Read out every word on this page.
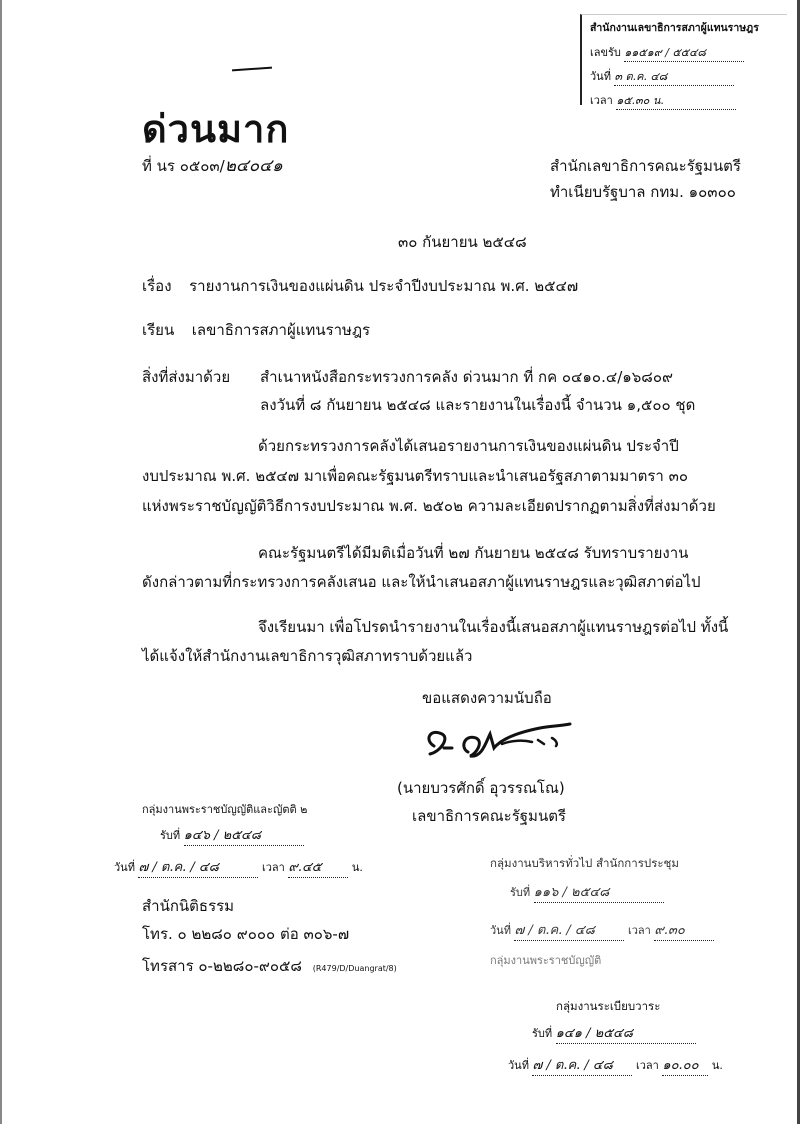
สำนักงานเลขาธิการสภาผู้แทนราษฎร
เลขรับ ๑๑๕๑๙ / ๕๕๔๘
วันที่ ๓ ต.ค. ๔๘
เวลา ๑๕.๓๐ น.
ด่วนมาก
ที่ นร ๐๕๐๓/๒๔๐๔๑	สำนักเลขาธิการคณะรัฐมนตรี
ทำเนียบรัฐบาล กทม. ๑๐๓๐๐
๓๐ กันยายน ๒๕๔๘
เรื่อง รายงานการเงินของแผ่นดิน ประจำปีงบประมาณ พ.ศ. ๒๕๔๗
เรียน เลขาธิการสภาผู้แทนราษฎร
สิ่งที่ส่งมาด้วย สำเนาหนังสือกระทรวงการคลัง ด่วนมาก ที่ กค ๐๔๑๐.๔/๑๖๘๐๙
ลงวันที่ ๘ กันยายน ๒๕๔๘ และรายงานในเรื่องนี้ จำนวน ๑,๕๐๐ ชุด
ด้วยกระทรวงการคลังได้เสนอรายงานการเงินของแผ่นดิน ประจำปี
งบประมาณ พ.ศ. ๒๕๔๗ มาเพื่อคณะรัฐมนตรีทราบและนำเสนอรัฐสภาตามมาตรา ๓๐
แห่งพระราชบัญญัติวิธีการงบประมาณ พ.ศ. ๒๕๐๒ ความละเอียดปรากฏตามสิ่งที่ส่งมาด้วย
คณะรัฐมนตรีได้มีมติเมื่อวันที่ ๒๗ กันยายน ๒๕๔๘ รับทราบรายงาน
ดังกล่าวตามที่กระทรวงการคลังเสนอ และให้นำเสนอสภาผู้แทนราษฎรและวุฒิสภาต่อไป
จึงเรียนมา เพื่อโปรดนำรายงานในเรื่องนี้เสนอสภาผู้แทนราษฎรต่อไป ทั้งนี้
ได้แจ้งให้สำนักงานเลขาธิการวุฒิสภาทราบด้วยแล้ว
ขอแสดงความนับถือ
(นายบวรศักดิ์ อุวรรณโณ)
เลขาธิการคณะรัฐมนตรี
กลุ่มงานพระราชบัญญัติและญัตติ ๒
รับที่ ๑๔๖ / ๒๕๔๘
วันที่ ๗ / ต.ค. / ๔๘	เวลา ๙.๔๕	น.	กลุ่มงานบริหารทั่วไป สำนักการประชุม
รับที่ ๑๑๖ / ๒๕๔๘
วันที่ ๗ / ต.ค. / ๔๘	เวลา ๙.๓๐
กลุ่มงานพระราชบัญญัติ
สำนักนิติธรรม
โทร. ๐ ๒๒๘๐ ๙๐๐๐ ต่อ ๓๐๖-๗
โทรสาร ๐-๒๒๘๐-๙๐๕๘ (R479/D/Duangrat/8)
กลุ่มงานระเบียบวาระ
รับที่ ๑๔๑ / ๒๕๔๘
วันที่ ๗ / ต.ค. / ๔๘ เวลา ๑๐.๐๐ น.
